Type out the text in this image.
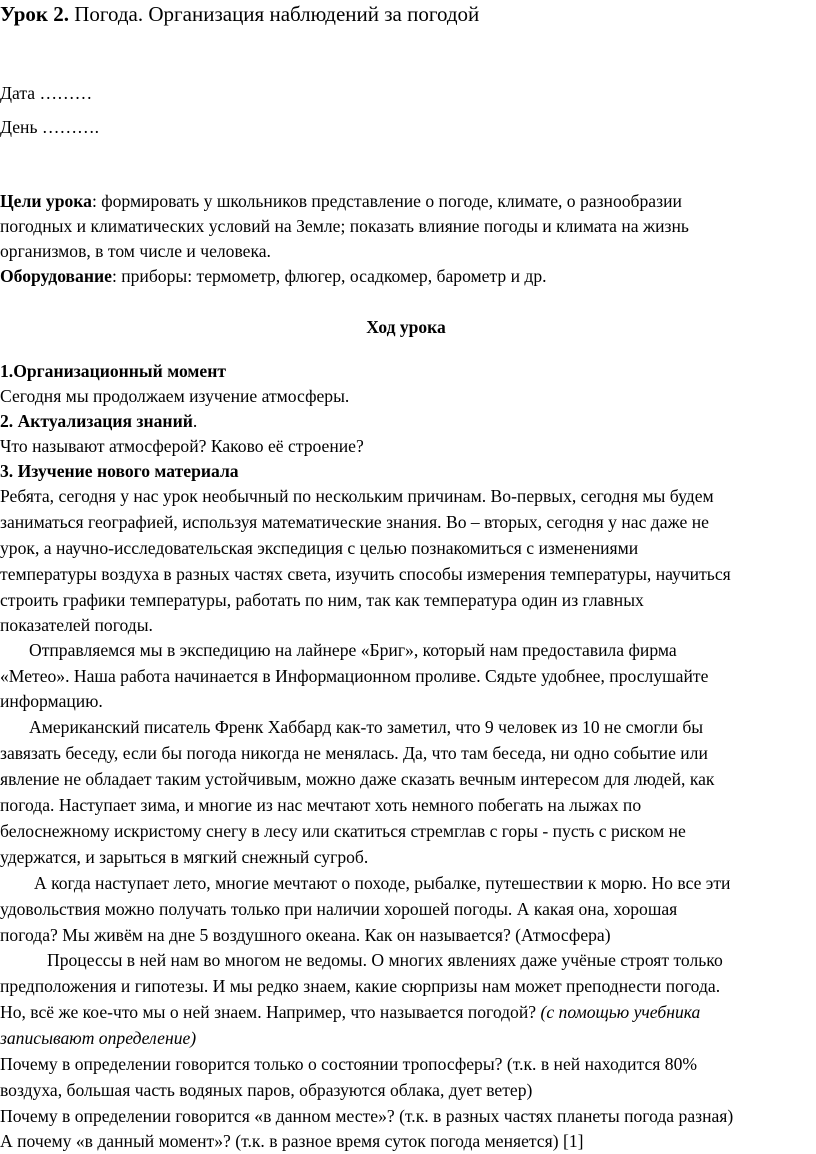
Урок 2. Погода. Организация наблюдений за погодой
Дата ………
День ……….
Цели урока: формировать у школьников представление о погоде, климате, о разнообразии
погодных и климатических условий на Земле; показать влияние погоды и климата на жизнь
организмов, в том числе и человека.
Оборудование: приборы: термометр, флюгер, осадкомер, барометр и др.
Ход урока
1.Организационный момент
Сегодня мы продолжаем изучение атмосферы.
2. Актуализация знаний.
Что называют атмосферой? Каково её строение?
3. Изучение нового материала
Ребята, сегодня у нас урок необычный по нескольким причинам. Во-первых, сегодня мы будем
заниматься географией, используя математические знания. Во – вторых, сегодня у нас даже не
урок, а научно-исследовательская экспедиция с целью познакомиться с изменениями
температуры воздуха в разных частях света, изучить способы измерения температуры, научиться
строить графики температуры, работать по ним, так как температура один из главных
показателей погоды.
Отправляемся мы в экспедицию на лайнере «Бриг», который нам предоставила фирма
«Метео». Наша работа начинается в Информационном проливе. Сядьте удобнее, прослушайте
информацию.
Американский писатель Френк Хаббард как-то заметил, что 9 человек из 10 не смогли бы
завязать беседу, если бы погода никогда не менялась. Да, что там беседа, ни одно событие или
явление не обладает таким устойчивым, можно даже сказать вечным интересом для людей, как
погода. Наступает зима, и многие из нас мечтают хоть немного побегать на лыжах по
белоснежному искристому снегу в лесу или скатиться стремглав с горы - пусть с риском не
удержатся, и зарыться в мягкий снежный сугроб.
А когда наступает лето, многие мечтают о походе, рыбалке, путешествии к морю. Но все эти
удовольствия можно получать только при наличии хорошей погоды. А какая она, хорошая
погода? Мы живём на дне 5 воздушного океана. Как он называется? (Атмосфера)
Процессы в ней нам во многом не ведомы. О многих явлениях даже учёные строят только
предположения и гипотезы. И мы редко знаем, какие сюрпризы нам может преподнести погода.
Но, всё же кое-что мы о ней знаем. Например, что называется погодой? (с помощью учебника
записывают определение)
Почему в определении говорится только о состоянии тропосферы? (т.к. в ней находится 80%
воздуха, большая часть водяных паров, образуются облака, дует ветер)
Почему в определении говорится «в данном месте»? (т.к. в разных частях планеты погода разная)
А почему «в данный момент»? (т.к. в разное время суток погода меняется) [1]
